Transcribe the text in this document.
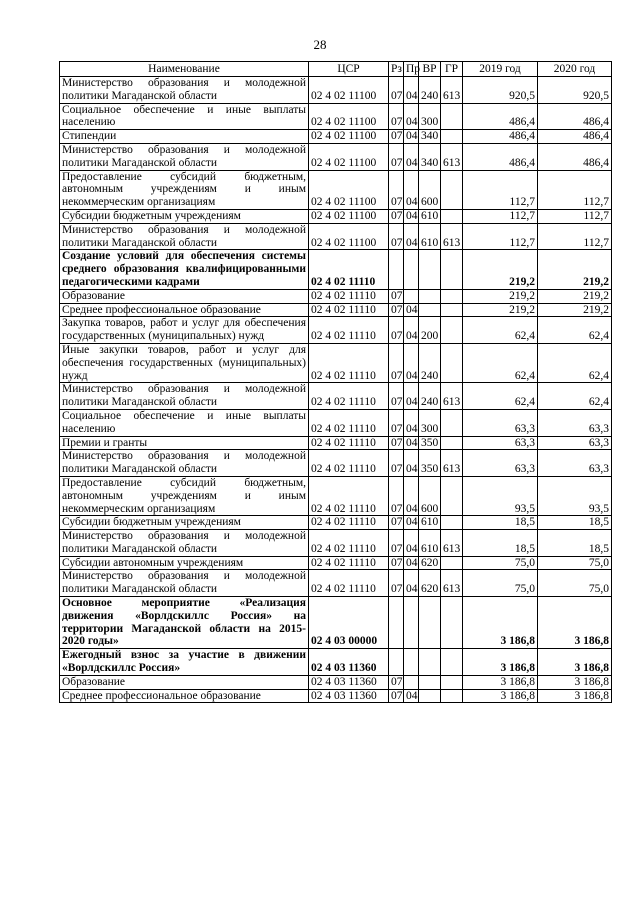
28
Наименование	ЦСР	Рз	Пр	ВР	ГР	2019 год	2020 год
Министерство образования и молодежной политики Магаданской области	02 4 02 11100	07	04	240	613	920,5	920,5
Социальное обеспечение и иные выплаты населению	02 4 02 11100	07	04	300		486,4	486,4
Стипендии	02 4 02 11100	07	04	340		486,4	486,4
Министерство образования и молодежной политики Магаданской области	02 4 02 11100	07	04	340	613	486,4	486,4
Предоставление субсидий бюджетным, автономным учреждениям и иным некоммерческим организациям	02 4 02 11100	07	04	600		112,7	112,7
Субсидии бюджетным учреждениям	02 4 02 11100	07	04	610		112,7	112,7
Министерство образования и молодежной политики Магаданской области	02 4 02 11100	07	04	610	613	112,7	112,7
Создание условий для обеспечения системы среднего образования квалифицированными педагогическими кадрами	02 4 02 11110					219,2	219,2
Образование	02 4 02 11110	07				219,2	219,2
Среднее профессиональное образование	02 4 02 11110	07	04			219,2	219,2
Закупка товаров, работ и услуг для обеспечения государственных (муниципальных) нужд	02 4 02 11110	07	04	200		62,4	62,4
Иные закупки товаров, работ и услуг для обеспечения государственных (муниципальных) нужд	02 4 02 11110	07	04	240		62,4	62,4
Министерство образования и молодежной политики Магаданской области	02 4 02 11110	07	04	240	613	62,4	62,4
Социальное обеспечение и иные выплаты населению	02 4 02 11110	07	04	300		63,3	63,3
Премии и гранты	02 4 02 11110	07	04	350		63,3	63,3
Министерство образования и молодежной политики Магаданской области	02 4 02 11110	07	04	350	613	63,3	63,3
Предоставление субсидий бюджетным, автономным учреждениям и иным некоммерческим организациям	02 4 02 11110	07	04	600		93,5	93,5
Субсидии бюджетным учреждениям	02 4 02 11110	07	04	610		18,5	18,5
Министерство образования и молодежной политики Магаданской области	02 4 02 11110	07	04	610	613	18,5	18,5
Субсидии автономным учреждениям	02 4 02 11110	07	04	620		75,0	75,0
Министерство образования и молодежной политики Магаданской области	02 4 02 11110	07	04	620	613	75,0	75,0
Основное мероприятие «Реализация движения «Ворлдскиллс Россия» на территории Магаданской области на 2015-2020 годы»	02 4 03 00000					3 186,8	3 186,8
Ежегодный взнос за участие в движении «Ворлдскиллс Россия»	02 4 03 11360					3 186,8	3 186,8
Образование	02 4 03 11360	07				3 186,8	3 186,8
Среднее профессиональное образование	02 4 03 11360	07	04			3 186,8	3 186,8
